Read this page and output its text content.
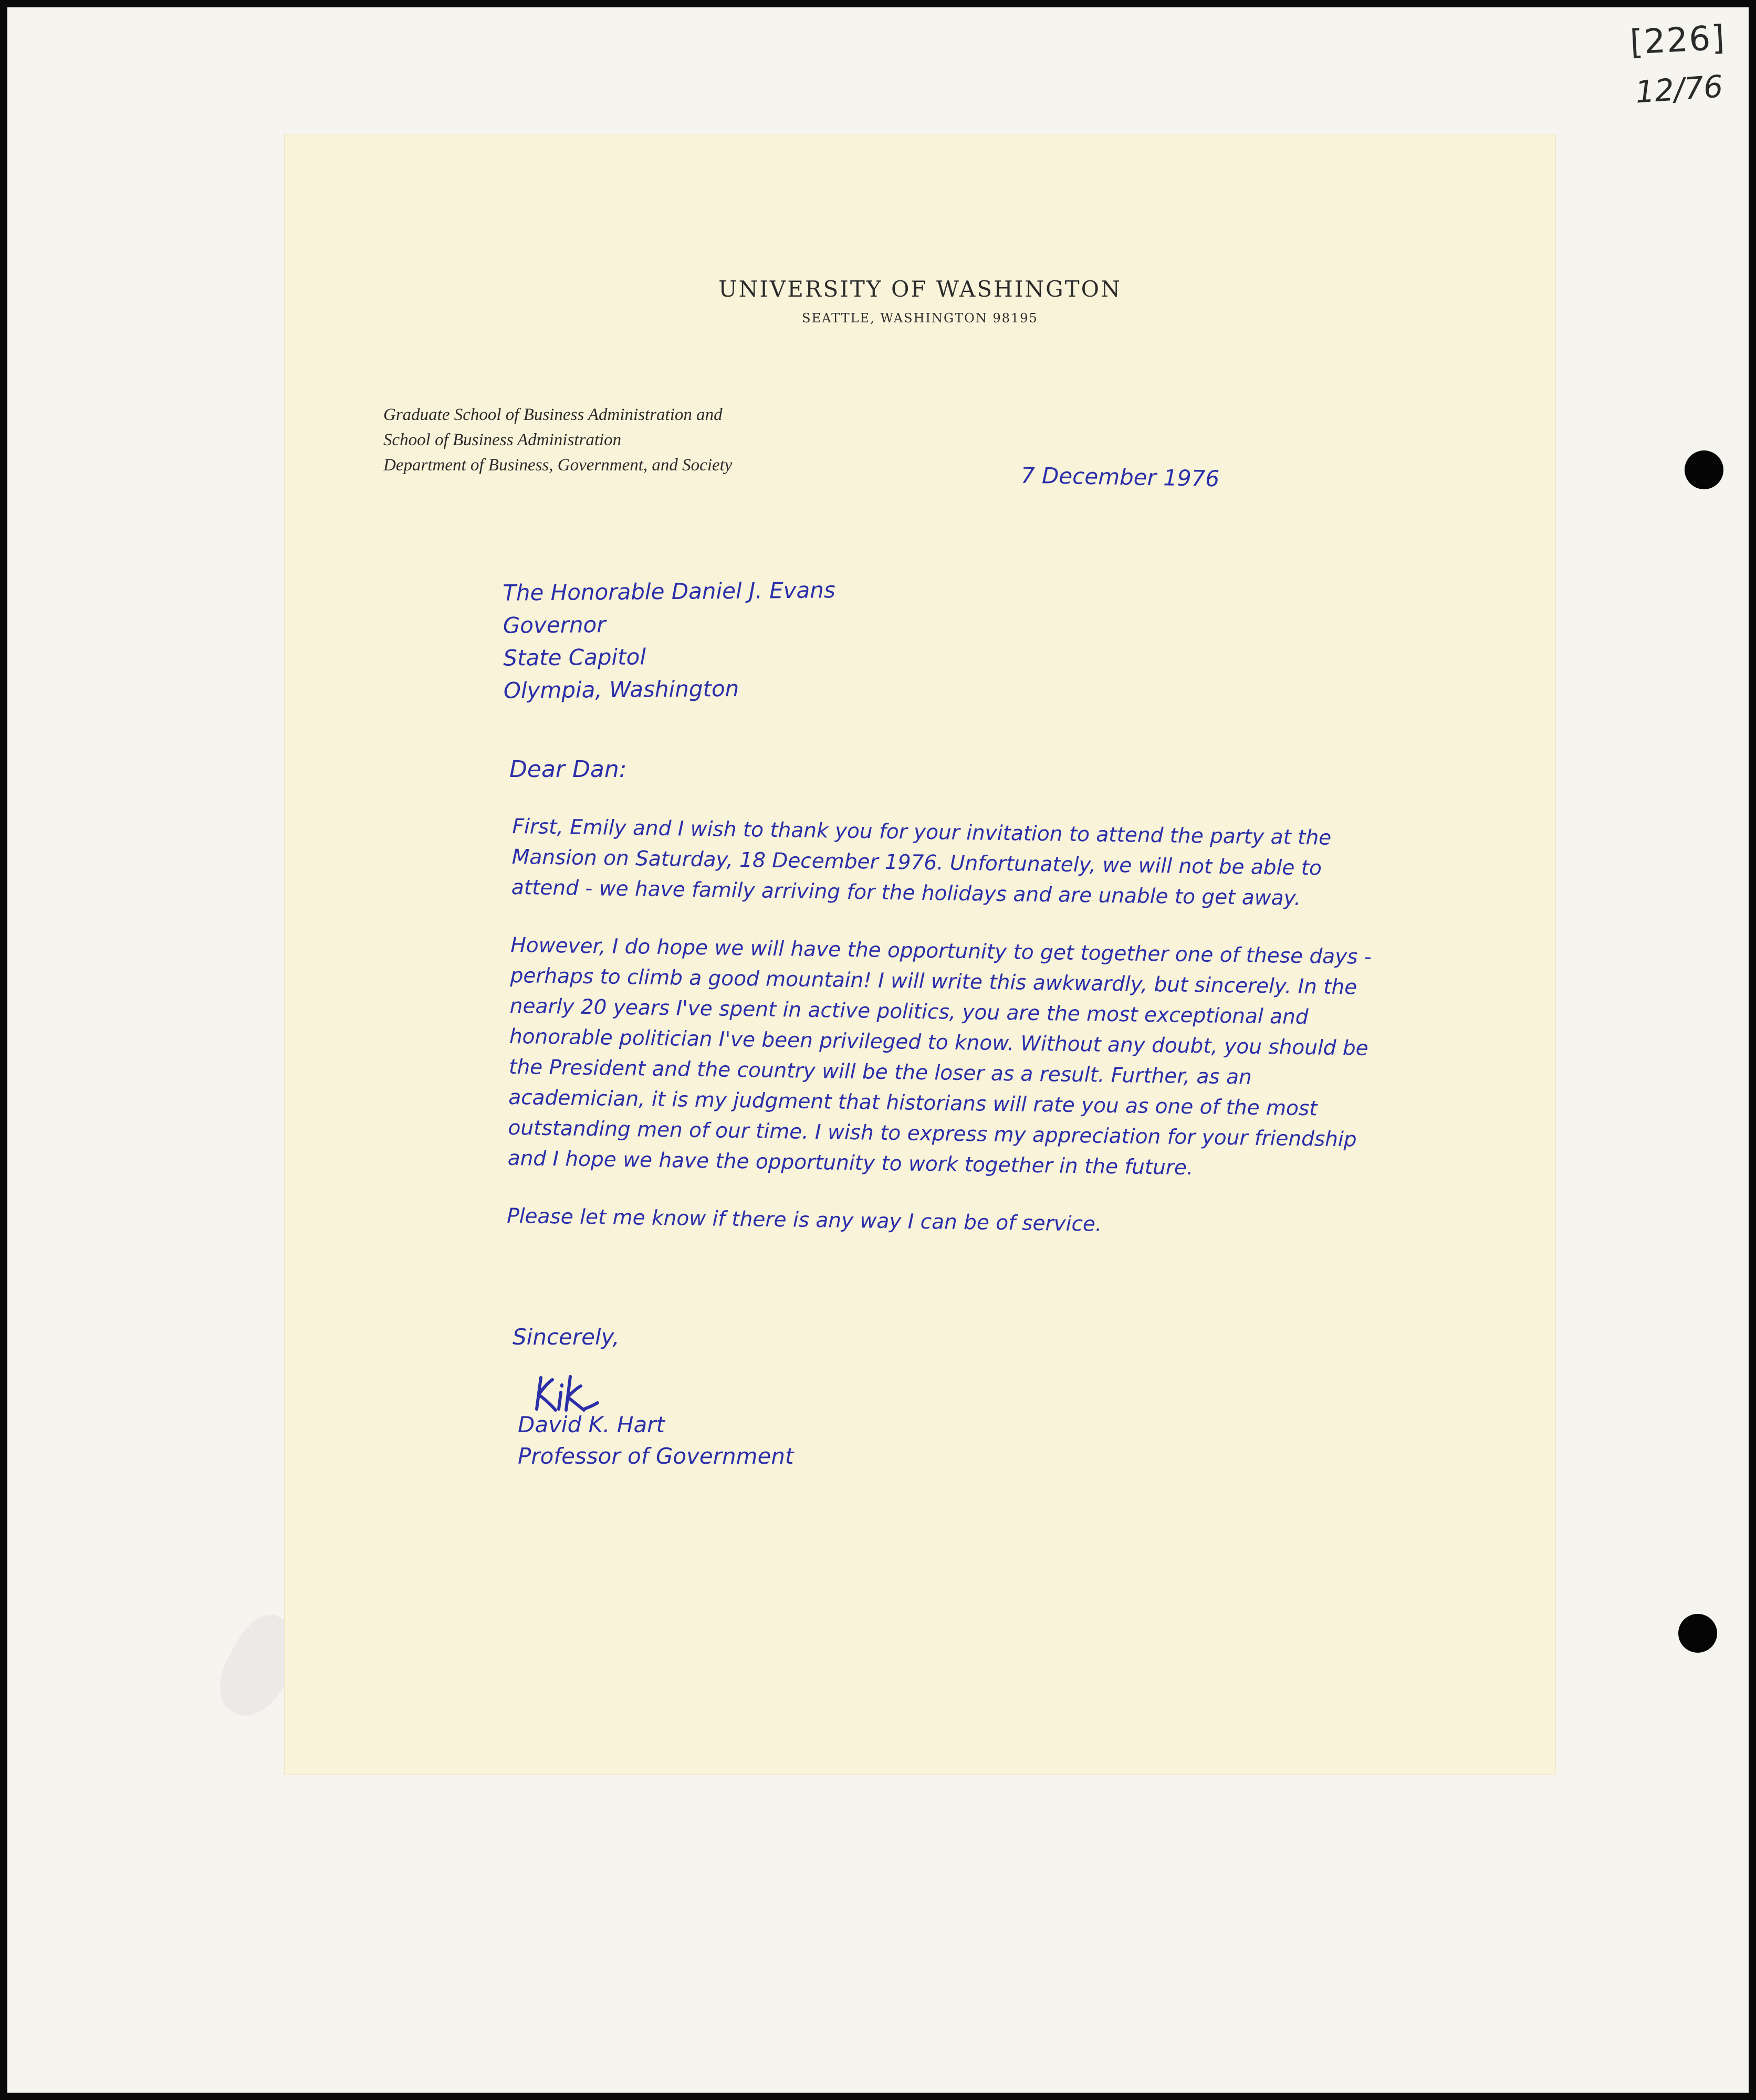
[226]
12/76
UNIVERSITY OF WASHINGTON
SEATTLE, WASHINGTON 98195
Graduate School of Business Administration and
School of Business Administration
Department of Business, Government, and Society	7 December 1976
The Honorable Daniel J. Evans
Governor
State Capitol
Olympia, Washington
Dear Dan:

First, Emily and I wish to thank you for your invitation to attend the party at the Mansion on Saturday, 18 December 1976. Unfortunately, we will not be able to attend - we have family arriving for the holidays and are unable to get away.

However, I do hope we will have the opportunity to get together one of these days - perhaps to climb a good mountain! I will write this awkwardly, but sincerely. In the nearly 20 years I've spent in active politics, you are the most exceptional and honorable politician I've been privileged to know. Without any doubt, you should be the President and the country will be the loser as a result. Further, as an academician, it is my judgment that historians will rate you as one of the most outstanding men of our time. I wish to express my appreciation for your friendship and I hope we have the opportunity to work together in the future.

Please let me know if there is any way I can be of service.

Sincerely,
David K. Hart
Professor of Government
